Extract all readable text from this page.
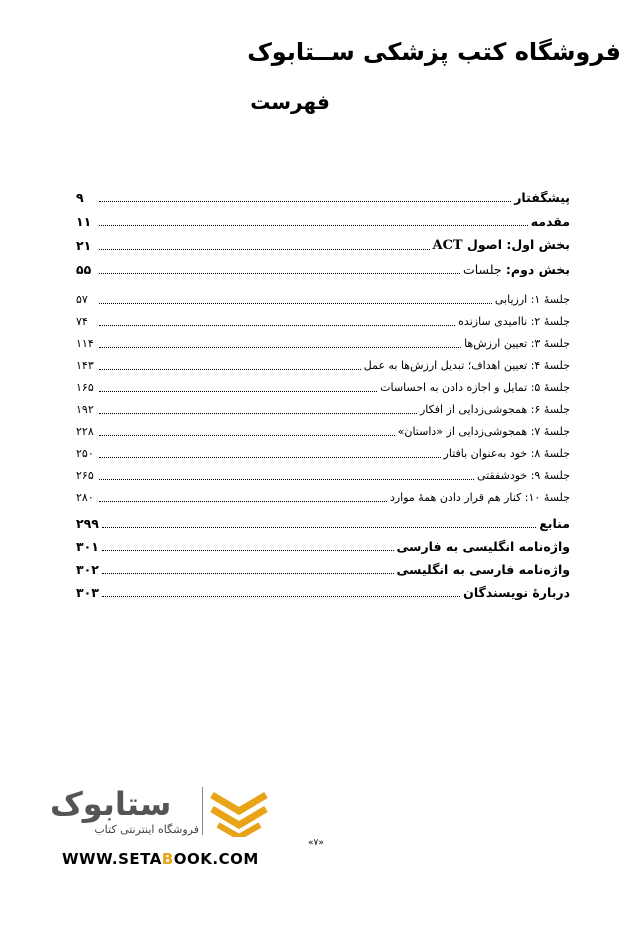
فروشگاه کتب پزشکی ســتابوک
فهرست
پیشگفتار
۹
مقدمه
۱۱
بخش اول: اصول ACT
۲۱
بخش دوم: جلسات
۵۵
جلسهٔ ۱: ارزیابی
۵۷
جلسهٔ ۲: ناامیدی سازنده
۷۴
جلسهٔ ۳: تعیین ارزش‌ها
۱۱۴
جلسهٔ ۴: تعیین اهداف؛ تبدیل ارزش‌ها به عمل
۱۴۳
جلسهٔ ۵: تمایل و اجازه دادن به احساسات
۱۶۵
جلسهٔ ۶: همجوشی‌زدایی از افکار
۱۹۲
جلسهٔ ۷: همجوشی‌زدایی از «داستان»
۲۲۸
جلسهٔ ۸: خود به‌عنوان بافتار
۲۵۰
جلسهٔ ۹: خودشفقتی
۲۶۵
جلسهٔ ۱۰: کنار هم قرار دادن همهٔ موارد
۲۸۰
منابع
۲۹۹
واژه‌نامه انگلیسی به فارسی
۳۰۱
واژه‌نامه فارسی به انگلیسی
۳۰۲
دربارهٔ نویسندگان
۳۰۳
ستابوک
فروشگاه اینترنتی کتاب
WWW.SETABOOK.COM
«۷»
